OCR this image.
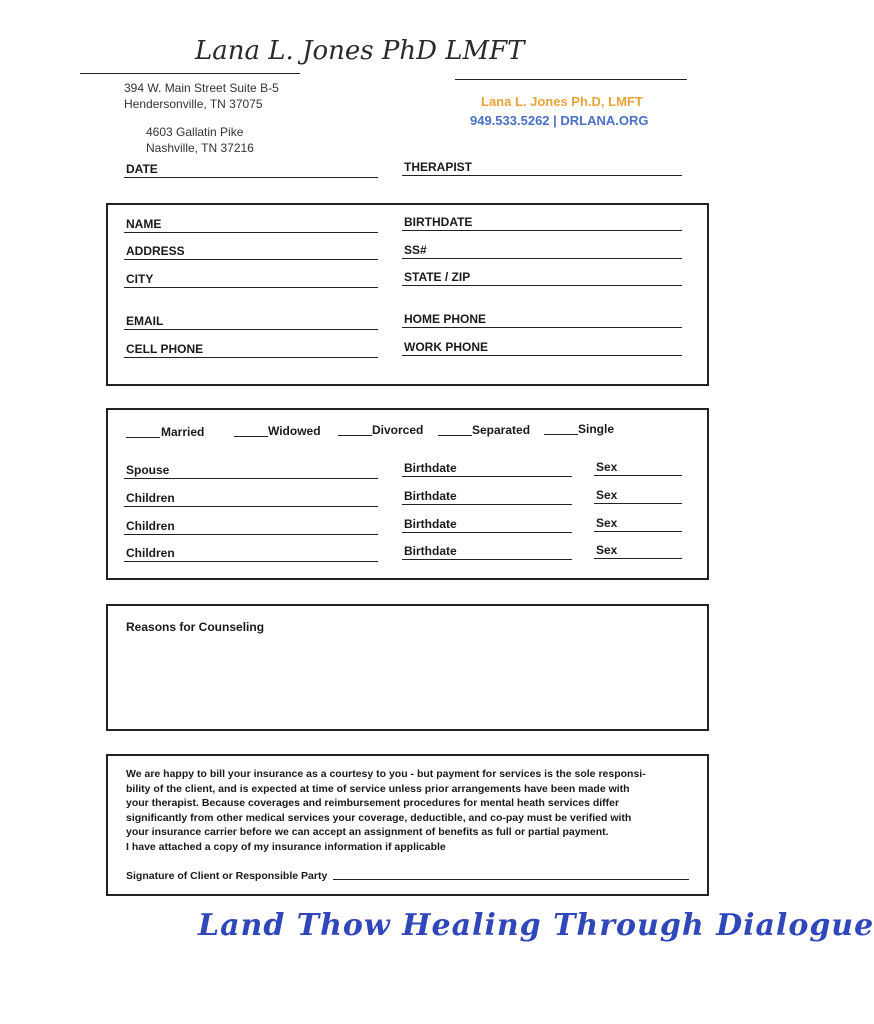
Lana L. Jones PhD LMFT
394 W. Main Street Suite B-5
Hendersonville, TN 37075
4603 Gallatin Pike
Nashville, TN 37216
Lana L. Jones Ph.D, LMFT
949.533.5262 | DRLANA.ORG
DATE	THERAPIST
NAME	BIRTHDATE
ADDRESS	SS#
CITY	STATE / ZIP
EMAIL	HOME PHONE
CELL PHONE	WORK PHONE
Married	Widowed	Divorced	Separated	Single
Spouse	Birthdate	Sex
Children	Birthdate	Sex
Children	Birthdate	Sex
Children	Birthdate	Sex
Reasons for Counseling
We are happy to bill your insurance as a courtesy to you - but payment for services is the sole responsi-
bility of the client, and is expected at time of service unless prior arrangements have been made with
your therapist. Because coverages and reimbursement procedures for mental heath services differ
significantly from other medical services your coverage, deductible, and co-pay must be verified with
your insurance carrier before we can accept an assignment of benefits as full or partial payment.
I have attached a copy of my insurance information if applicable
Signature of Client or Responsible Party
Land Thow Healing Through Dialogue
